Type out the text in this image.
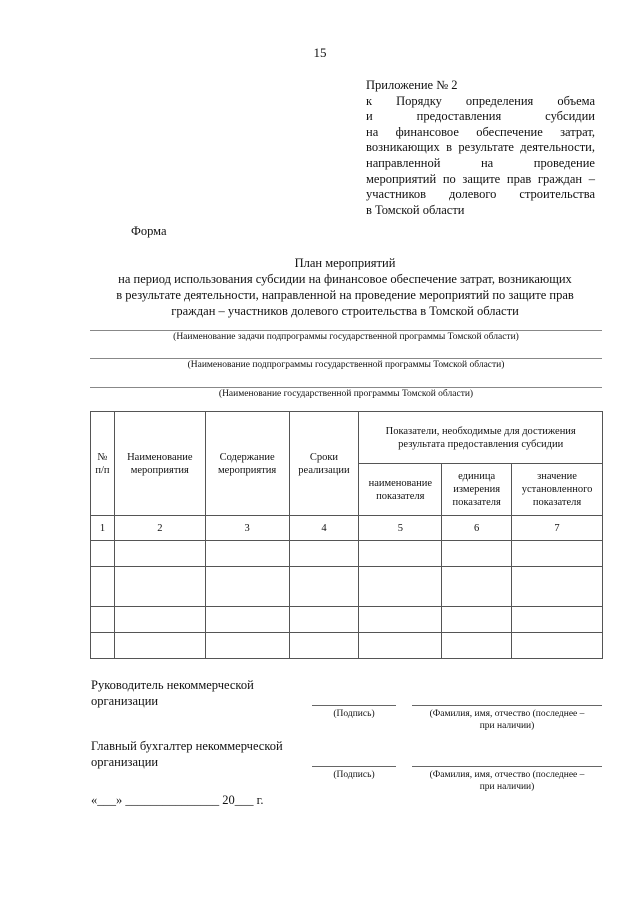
15
Приложение № 2
к Порядку определения объема
и предоставления субсидии
на финансовое обеспечение затрат,
возникающих в результате деятельности,
направленной на проведение
мероприятий по защите прав граждан –
участников долевого строительства
в Томской области
Форма
План мероприятий
на период использования субсидии на финансовое обеспечение затрат, возникающих
в результате деятельности, направленной на проведение мероприятий по защите прав
граждан – участников долевого строительства в Томской области
(Наименование задачи подпрограммы государственной программы Томской области)
(Наименование подпрограммы государственной программы Томской области)
(Наименование государственной программы Томской области)
№ п/п	Наименование мероприятия	Содержание мероприятия	Сроки реализации	Показатели, необходимые для достижения результата предоставления субсидии		
				наименование показателя	единица измерения показателя	значение установленного показателя
1	2	3	4	5	6	7

Руководитель некоммерческой организации
(Подпись)	(Фамилия, имя, отчество (последнее –
при наличии)
Главный бухгалтер некоммерческой организации
(Подпись)	(Фамилия, имя, отчество (последнее –
при наличии)
«___» _______________ 20___ г.
